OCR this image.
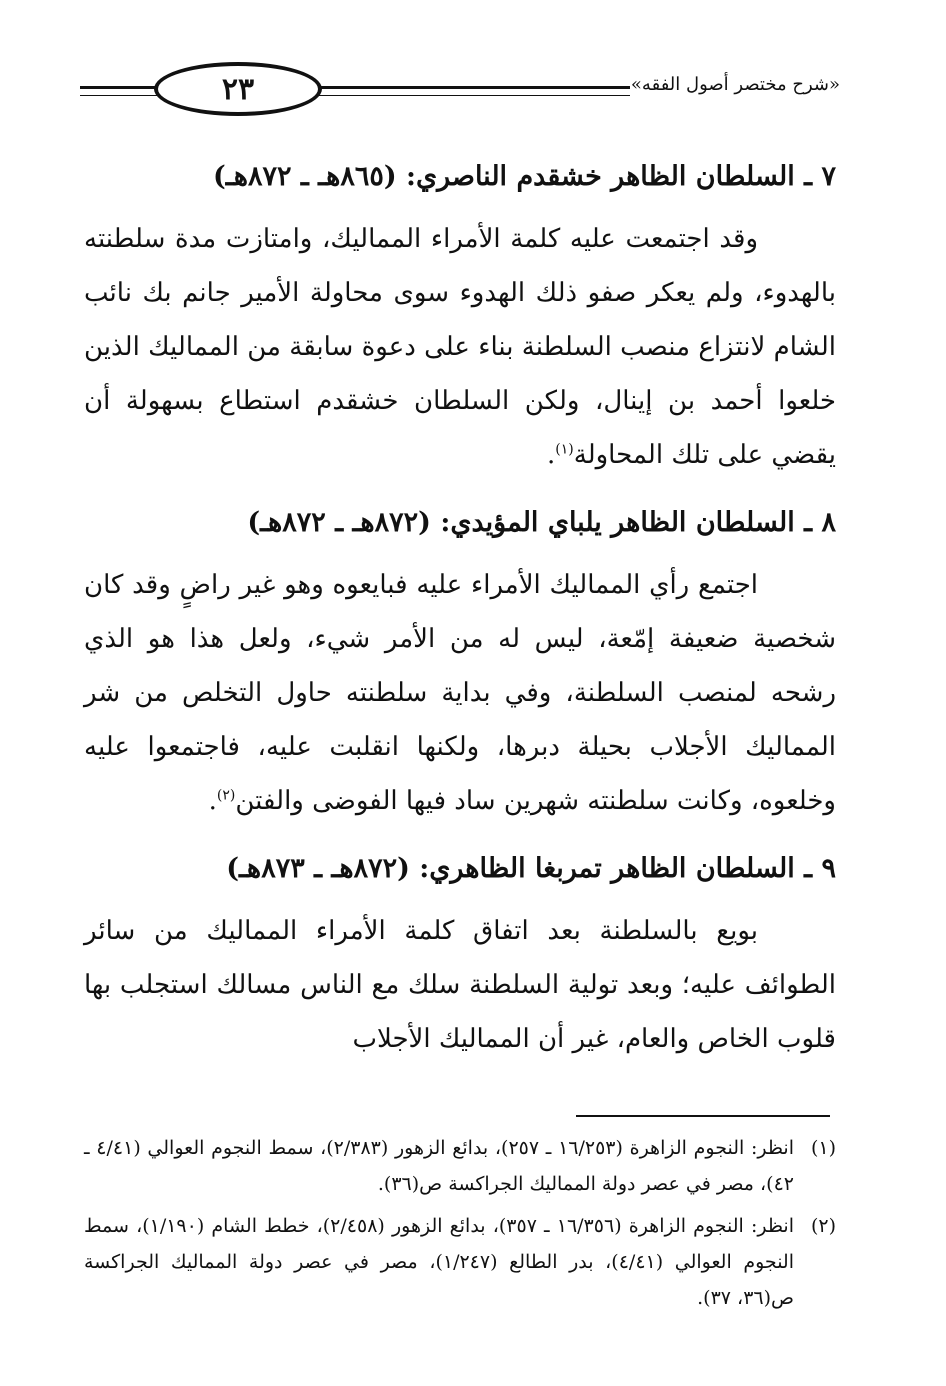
٢٣	«شرح مختصر أصول الفقه»
٧ ـ السلطان الظاهر خشقدم الناصري: (٨٦٥هـ ـ ٨٧٢هـ)

وقد اجتمعت عليه كلمة الأمراء المماليك، وامتازت مدة سلطنته بالهدوء، ولم يعكر صفو ذلك الهدوء سوى محاولة الأمير جانم بك نائب الشام لانتزاع منصب السلطنة بناء على دعوة سابقة من المماليك الذين خلعوا أحمد بن إينال، ولكن السلطان خشقدم استطاع بسهولة أن يقضي على تلك المحاولة$^{(١)}$.

٨ ـ السلطان الظاهر يلباي المؤيدي: (٨٧٢هـ ـ ٨٧٢هـ)

اجتمع رأي المماليك الأمراء عليه فبايعوه وهو غير راضٍ وقد كان شخصية ضعيفة إمّعة، ليس له من الأمر شيء، ولعل هذا هو الذي رشحه لمنصب السلطنة، وفي بداية سلطنته حاول التخلص من شر المماليك الأجلاب بحيلة دبرها، ولكنها انقلبت عليه، فاجتمعوا عليه وخلعوه، وكانت سلطنته شهرين ساد فيها الفوضى والفتن$^{(٢)}$.

٩ ـ السلطان الظاهر تمربغا الظاهري: (٨٧٢هـ ـ ٨٧٣هـ)

بويع بالسلطنة بعد اتفاق كلمة الأمراء المماليك من سائر الطوائف عليه؛ وبعد تولية السلطنة سلك مع الناس مسالك استجلب بها قلوب الخاص والعام، غير أن المماليك الأجلاب

(١)
انظر: النجوم الزاهرة (١٦/٢٥٣ ـ ٢٥٧)، بدائع الزهور (٢/٣٨٣)، سمط النجوم العوالي (٤/٤١ ـ ٤٢)، مصر في عصر دولة المماليك الجراكسة ص(٣٦).

(٢)
انظر: النجوم الزاهرة (١٦/٣٥٦ ـ ٣٥٧)، بدائع الزهور (٢/٤٥٨)، خطط الشام (١/١٩٠)، سمط النجوم العوالي (٤/٤١)، بدر الطالع (١/٢٤٧)، مصر في عصر دولة المماليك الجراكسة ص(٣٦، ٣٧).
